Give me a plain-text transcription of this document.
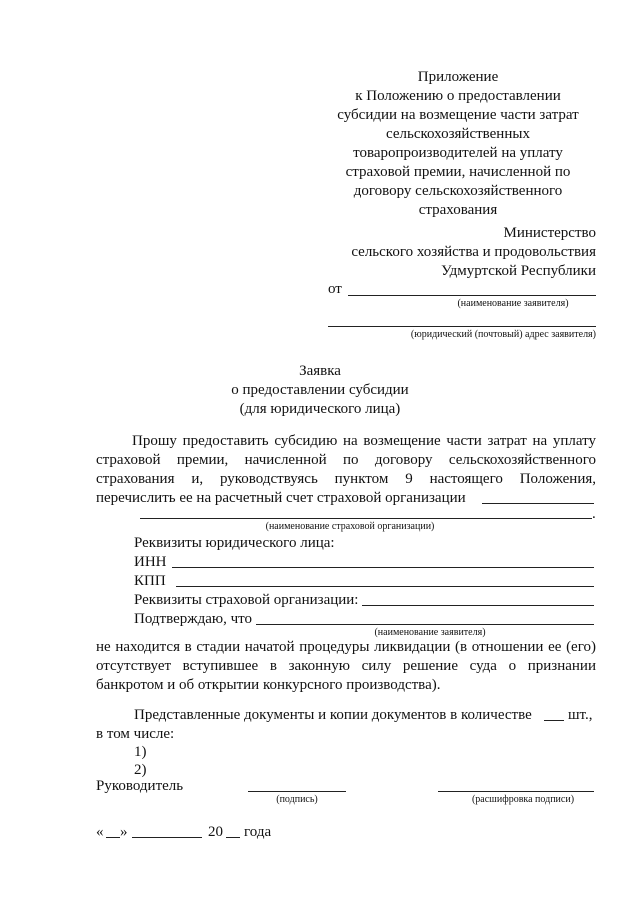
Приложение
к Положению о предоставлении
субсидии на возмещение части затрат
сельскохозяйственных
товаропроизводителей на уплату
страховой премии, начисленной по
договору сельскохозяйственного
страхования
Министерство
сельского хозяйства и продовольствия
Удмуртской Республики
от
(наименование заявителя)
(юридический (почтовый) адрес заявителя)
Заявка
о предоставлении субсидии
(для юридического лица)
Прошу предоставить субсидию на возмещение части затрат на уплату
страховой премии, начисленной по договору сельскохозяйственного
страхования и, руководствуясь пунктом 9 настоящего Положения,
перечислить ее на расчетный счет страховой организации
.
(наименование страховой организации)
Реквизиты юридического лица:
ИНН
КПП
Реквизиты страховой организации:
Подтверждаю, что
(наименование заявителя)
не находится в стадии начатой процедуры ликвидации (в отношении ее (его)
отсутствует вступившее в законную силу решение суда о признании
банкротом и об открытии конкурсного производства).
Представленные документы и копии документов в количестве шт.,
в том числе:
1)
2)
Руководитель
(подпись)	(расшифровка подписи)
« »	20 года
